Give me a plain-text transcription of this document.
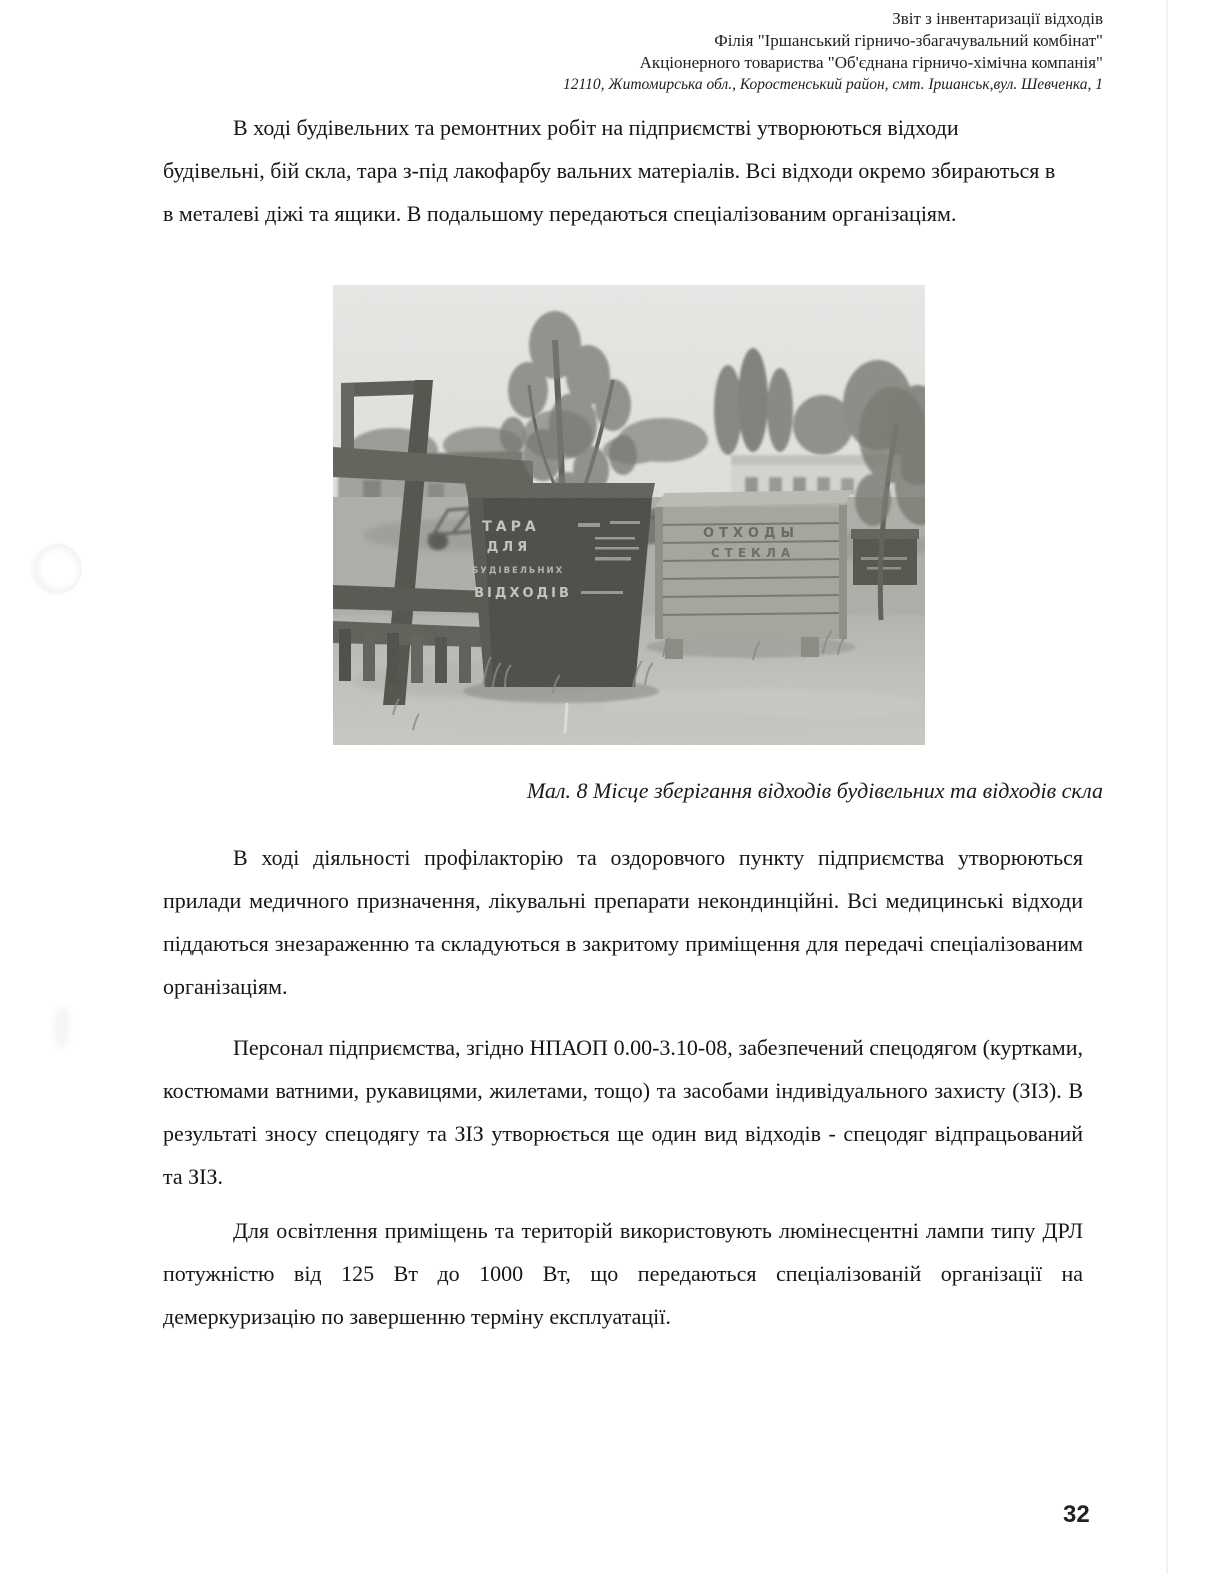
Звіт з інвентаризації відходів
Філія "Іршанський гірничо-збагачувальний комбінат"
Акціонерного товариства "Об'єднана гірничо-хімічна компанія"
12110, Житомирська обл., Коростенський район, смт. Іршанськ,вул. Шевченка, 1
В ході будівельних та ремонтних робіт на підприємстві утворюються відходи будівельні, бій скла, тара з-під лакофарбу вальних матеріалів. Всі відходи окремо збираються в в металеві діжі та ящики. В подальшому передаються спеціалізованим організаціям.
ТАРА
ДЛЯ
БУДІВЕЛЬНИХ
ВІДХОДІВ
ОТХОДЫ
СТЕКЛА
Мал. 8 Місце зберігання відходів будівельних та відходів скла
В ході діяльності профілакторію та оздоровчого пункту підприємства утворюються прилади медичного призначення, лікувальні препарати некондинційні. Всі медицинські відходи піддаються знезараженню та складуються в закритому приміщення для передачі спеціалізованим організаціям.
Персонал підприємства, згідно НПАОП 0.00-3.10-08, забезпечений спецодягом (куртками, костюмами ватними, рукавицями, жилетами, тощо) та засобами індивідуального захисту (ЗІЗ). В результаті зносу спецодягу та ЗІЗ утворюється ще один вид відходів - спецодяг відпрацьований та ЗІЗ.
Для освітлення приміщень та територій використовують люмінесцентні лампи типу ДРЛ потужністю від 125 Вт до 1000 Вт, що передаються спеціалізованій організації на демеркуризацію по завершенню терміну експлуатації.
32
